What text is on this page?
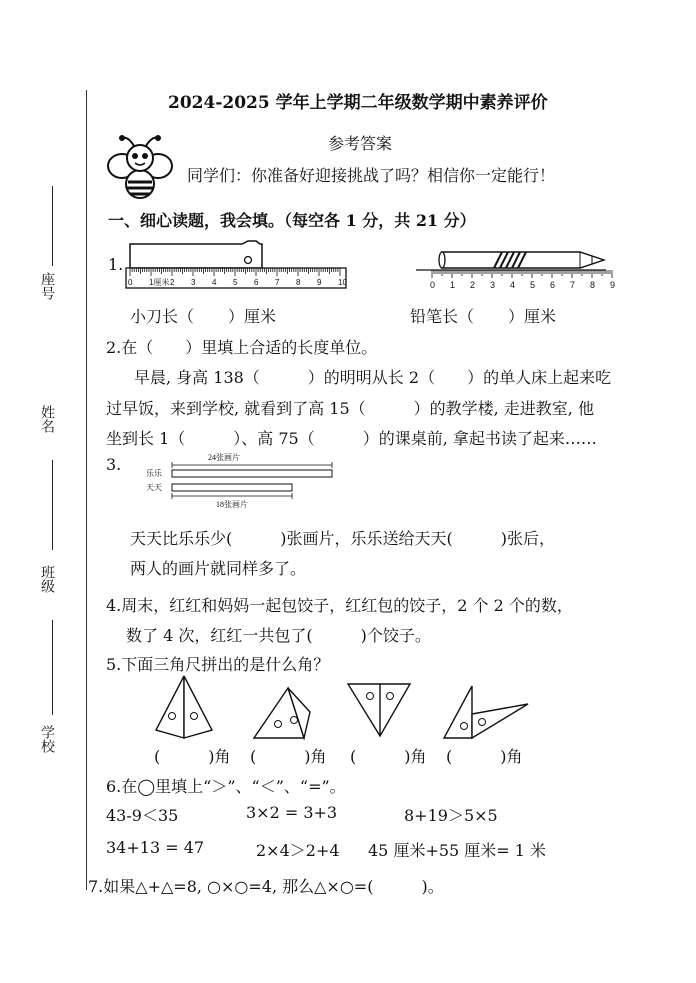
座号
姓名
班级
学校
2024-2025 学年上学期二年级数学期中素养评价
参考答案
同学们：你准备好迎接挑战了吗？相信你一定能行！
一、细心读题，我会填。（每空各 1 分，共 21 分）
1.
0 1厘米 2 3 4 5 6 7 8 9 10
小刀长（ ）厘米
0 1 2 3 4 5 6 7 8 9
铅笔长（ ）厘米
2.在（　　）里填上合适的长度单位。
早晨, 身高 138（　　　）的明明从长 2（　　）的单人床上起来吃
过早饭，来到学校, 就看到了高 15（　　　）的教学楼, 走进教室, 他
坐到长 1（　　　）、高 75（　　　）的课桌前, 拿起书读了起来……
3.	24张画片
乐乐
天天
18张画片
天天比乐乐少(　　　)张画片，乐乐送给天天(　　　)张后，
两人的画片就同样多了。
4.周末，红红和妈妈一起包饺子，红红包的饺子，2 个 2 个的数，
数了 4 次，红红一共包了(　　　)个饺子。
5.下面三角尺拼出的是什么角？
(　　　)角 (　　　)角 (　　　)角 (　　　)角
6.在◯里填上“＞”、“＜”、“=”。
43-9＜35	3×2 = 3+3	8+19＞5×5
34+13 = 47	2×4＞2+4 45 厘米+55 厘米= 1 米
7.如果△+△=8, ○×○=4, 那么△×○=(　　　)。
